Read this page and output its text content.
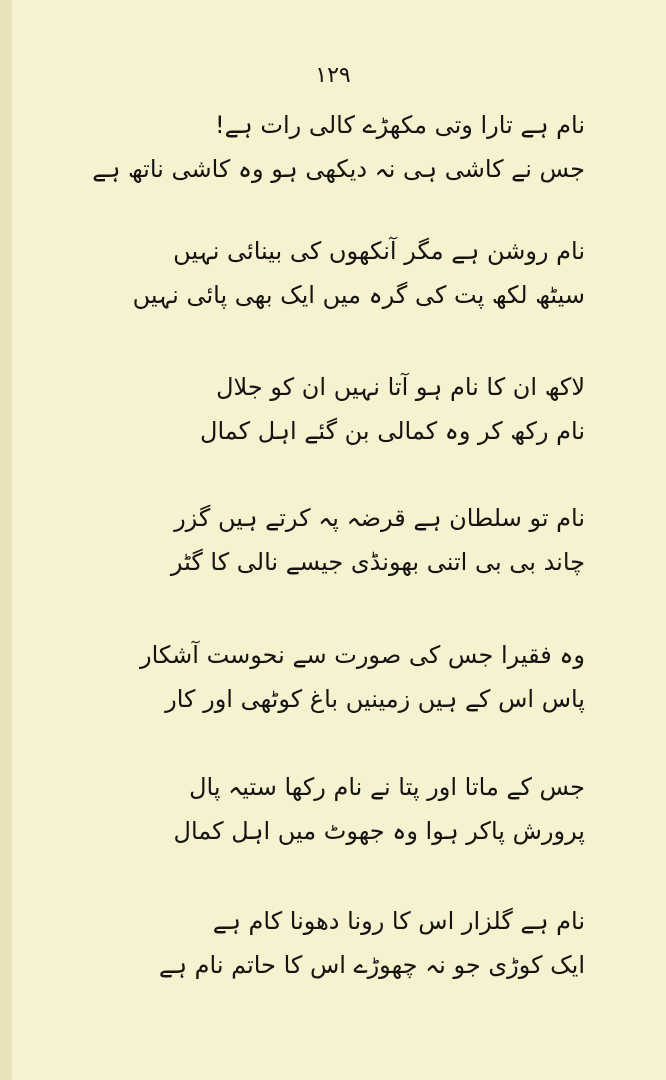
١٢٩
نام ہے تارا وتی مکھڑے کالی رات ہے!
جس نے کاشی ہی نہ دیکھی ہو وہ کاشی ناتھ ہے
نام روشن ہے مگر آنکھوں کی بینائی نہیں
سیٹھ لکھ پت کی گرہ میں ایک بھی پائی نہیں
لاکھ ان کا نام ہو آتا نہیں ان کو جلال
نام رکھ کر وہ کمالی بن گئے اہل کمال
نام تو سلطان ہے قرضہ پہ کرتے ہیں گزر
چاند بی بی اتنی بھونڈی جیسے نالی کا گٹر
وہ فقیرا جس کی صورت سے نحوست آشکار
پاس اس کے ہیں زمینیں باغ کوٹھی اور کار
جس کے ماتا اور پتا نے نام رکھا ستیہ پال
پرورش پاکر ہوا وہ جھوٹ میں اہل کمال
نام ہے گلزار اس کا رونا دھونا کام ہے
ایک کوڑی جو نہ چھوڑے اس کا حاتم نام ہے
